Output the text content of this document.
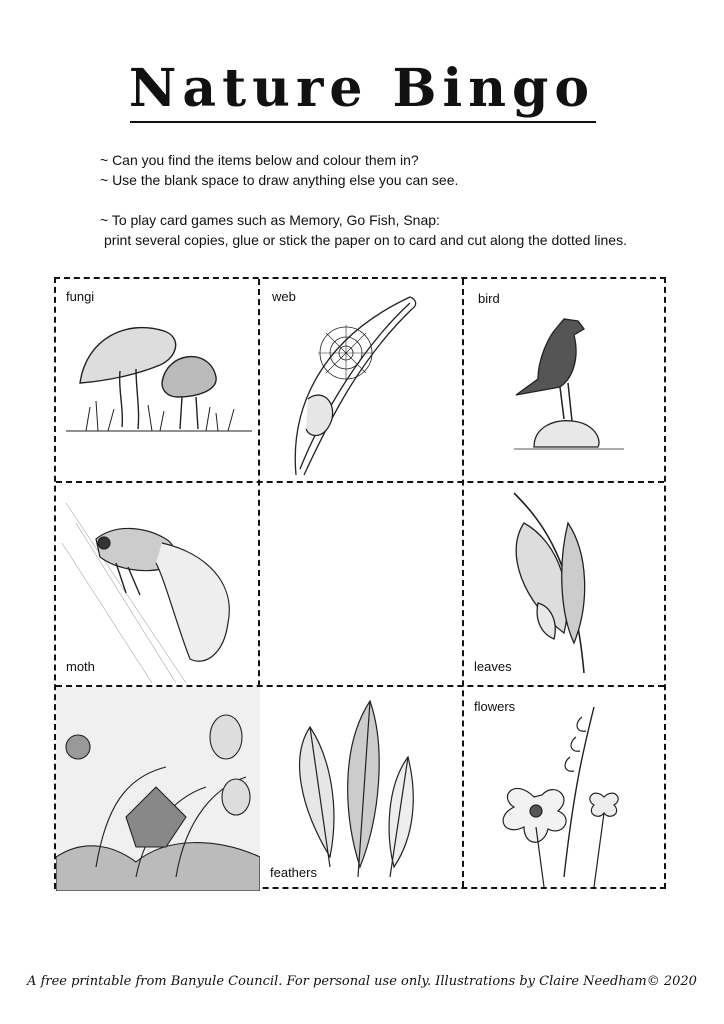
Nature Bingo

~ Can you find the items below and colour them in?

~ Use the blank space to draw anything else you can see.

~ To play card games such as Memory, Go Fish, Snap:

print several copies, glue or stick the paper on to card and cut along the dotted lines.

fungi	web	bird
moth	leaves
feathers
flowers
A free printable from Banyule Council. For personal use only. Illustrations by Claire Needham© 2020
